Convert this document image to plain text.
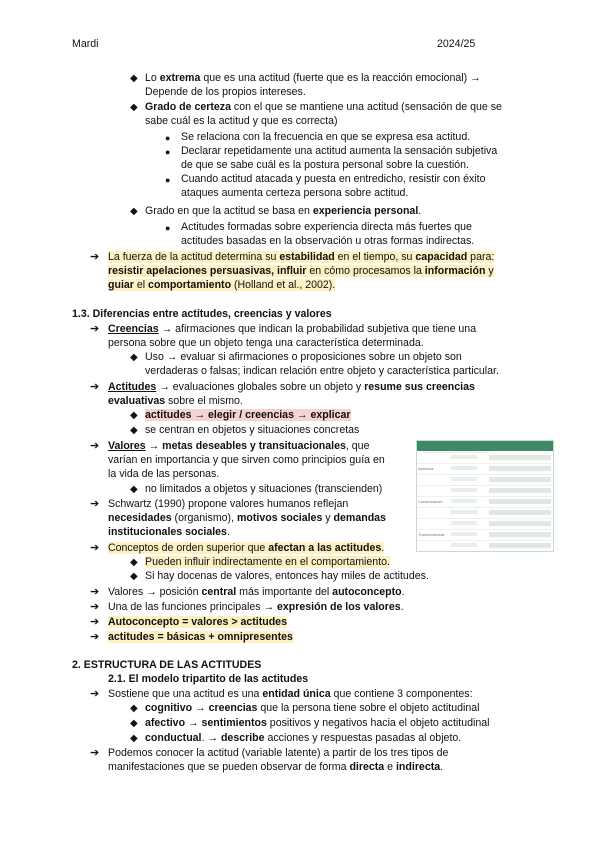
Mardi	2024/25
◆ Lo extrema que es una actitud (fuerte que es la reacción emocional) →
Depende de los propios intereses.
◆ Grado de certeza con el que se mantiene una actitud (sensación de que se
sabe cuál es la actitud y que es correcta)
● Se relaciona con la frecuencia en que se expresa esa actitud.
● Declarar repetidamente una actitud aumenta la sensación subjetiva
de que se sabe cuál es la postura personal sobre la cuestión.
● Cuando actitud atacada y puesta en entredicho, resistir con éxito
ataques aumenta certeza persona sobre actitud.
◆ Grado en que la actitud se basa en experiencia personal.
● Actitudes formadas sobre experiencia directa más fuertes que
actitudes basadas en la observación u otras formas indirectas.
➔ La fuerza de la actitud determina su estabilidad en el tiempo, su capacidad para:
resistir apelaciones persuasivas, influir en cómo procesamos la información y
guiar el comportamiento (Holland et al., 2002).
1.3. Diferencias entre actitudes, creencias y valores
➔ Creencias → afirmaciones que indican la probabilidad subjetiva que tiene una
persona sobre que un objeto tenga una característica determinada.
◆ Uso → evaluar si afirmaciones o proposiciones sobre un objeto son
verdaderas o falsas; indican relación entre objeto y característica particular.
➔ Actitudes → evaluaciones globales sobre un objeto y resume sus creencias
evaluativas sobre el mismo.
◆ actitudes → elegir / creencias → explicar
◆ se centran en objetos y situaciones concretas
➔ Valores → metas deseables y transituacionales, que
varían en importancia y que sirven como principios guía en
la vida de las personas.
◆ no limitados a objetos y situaciones (transcienden)
➔ Schwartz (1990) propone valores humanos reflejan
necesidades (organismo), motivos sociales y demandas
institucionales sociales.
➔ Conceptos de orden superior que afectan a las actitudes.
◆ Pueden influir indirectamente en el comportamiento.
◆ Si hay docenas de valores, entonces hay miles de actitudes.
➔ Valores → posición central más importante del autoconcepto.
➔ Una de las funciones principales → expresión de los valores.
➔ Autoconcepto = valores > actitudes
➔ actitudes = básicas + omnipresentes
Apertura
Conservación
Trascendencia
2. ESTRUCTURA DE LAS ACTITUDES
2.1. El modelo tripartito de las actitudes
➔ Sostiene que una actitud es una entidad única que contiene 3 componentes:
◆ cognitivo → creencias que la persona tiene sobre el objeto actitudinal
◆ afectivo → sentimientos positivos y negativos hacia el objeto actitudinal
◆ conductual. → describe acciones y respuestas pasadas al objeto.
➔ Podemos conocer la actitud (variable latente) a partir de los tres tipos de
manifestaciones que se pueden observar de forma directa e indirecta.
